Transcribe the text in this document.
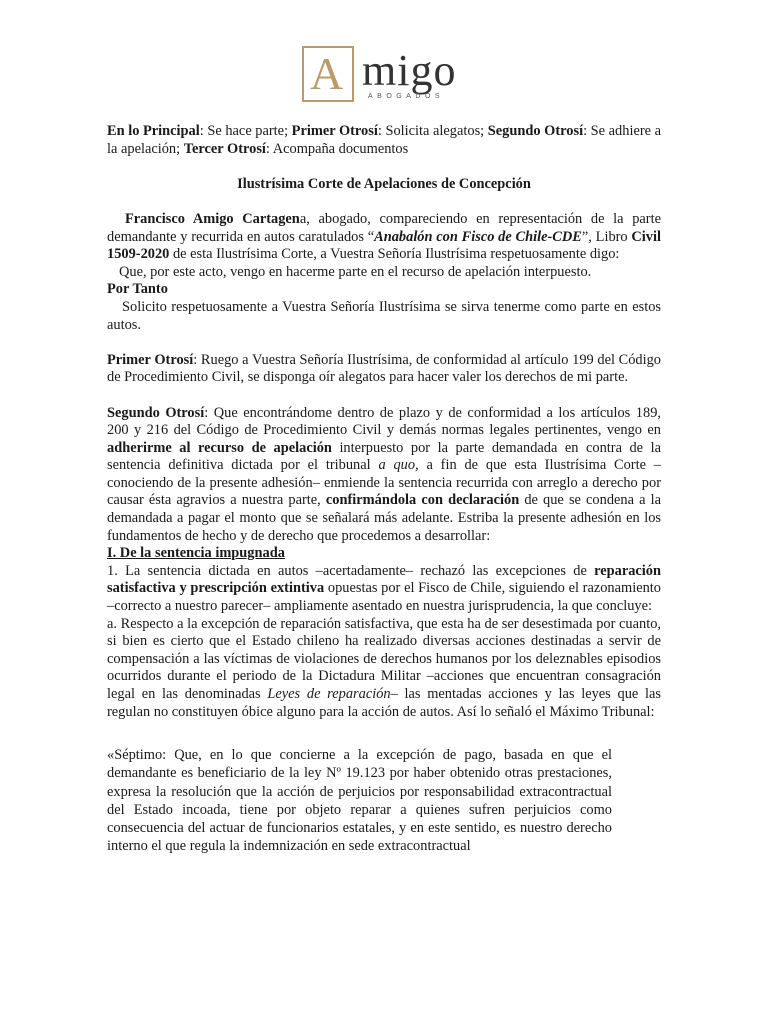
A migo
ABOGADOS

En lo Principal: Se hace parte; Primer Otrosí: Solicita alegatos; Segundo Otrosí: Se adhiere a la apelación; Tercer Otrosí: Acompaña documentos

Ilustrísima Corte de Apelaciones de Concepción

Francisco Amigo Cartagena, abogado, compareciendo en representación de la parte demandante y recurrida en autos caratulados “Anabalón con Fisco de Chile-CDE”, Libro Civil 1509-2020 de esta Ilustrísima Corte, a Vuestra Señoría Ilustrísima respetuosamente digo:

Que, por este acto, vengo en hacerme parte en el recurso de apelación interpuesto.

Por Tanto

Solicito respetuosamente a Vuestra Señoría Ilustrísima se sirva tenerme como parte en estos autos.

Primer Otrosí: Ruego a Vuestra Señoría Ilustrísima, de conformidad al artículo 199 del Código de Procedimiento Civil, se disponga oír alegatos para hacer valer los derechos de mi parte.

Segundo Otrosí: Que encontrándome dentro de plazo y de conformidad a los artículos 189, 200 y 216 del Código de Procedimiento Civil y demás normas legales pertinentes, vengo en adherirme al recurso de apelación interpuesto por la parte demandada en contra de la sentencia definitiva dictada por el tribunal a quo, a fin de que esta Ilustrísima Corte –conociendo de la presente adhesión– enmiende la sentencia recurrida con arreglo a derecho por causar ésta agravios a nuestra parte, confirmándola con declaración de que se condena a la demandada a pagar el monto que se señalará más adelante. Estriba la presente adhesión en los fundamentos de hecho y de derecho que procedemos a desarrollar:

I. De la sentencia impugnada

1. La sentencia dictada en autos –acertadamente– rechazó las excepciones de reparación satisfactiva y prescripción extintiva opuestas por el Fisco de Chile, siguiendo el razonamiento –correcto a nuestro parecer– ampliamente asentado en nuestra jurisprudencia, la que concluye:

a. Respecto a la excepción de reparación satisfactiva, que esta ha de ser desestimada por cuanto, si bien es cierto que el Estado chileno ha realizado diversas acciones destinadas a servir de compensación a las víctimas de violaciones de derechos humanos por los deleznables episodios ocurridos durante el periodo de la Dictadura Militar –acciones que encuentran consagración legal en las denominadas Leyes de reparación– las mentadas acciones y las leyes que las regulan no constituyen óbice alguno para la acción de autos. Así lo señaló el Máximo Tribunal:

«Séptimo: Que, en lo que concierne a la excepción de pago, basada en que el demandante es beneficiario de la ley Nº 19.123 por haber obtenido otras prestaciones, expresa la resolución que la acción de perjuicios por responsabilidad extracontractual del Estado incoada, tiene por objeto reparar a quienes sufren perjuicios como consecuencia del actuar de funcionarios estatales, y en este sentido, es nuestro derecho interno el que regula la indemnización en sede extracontractual
